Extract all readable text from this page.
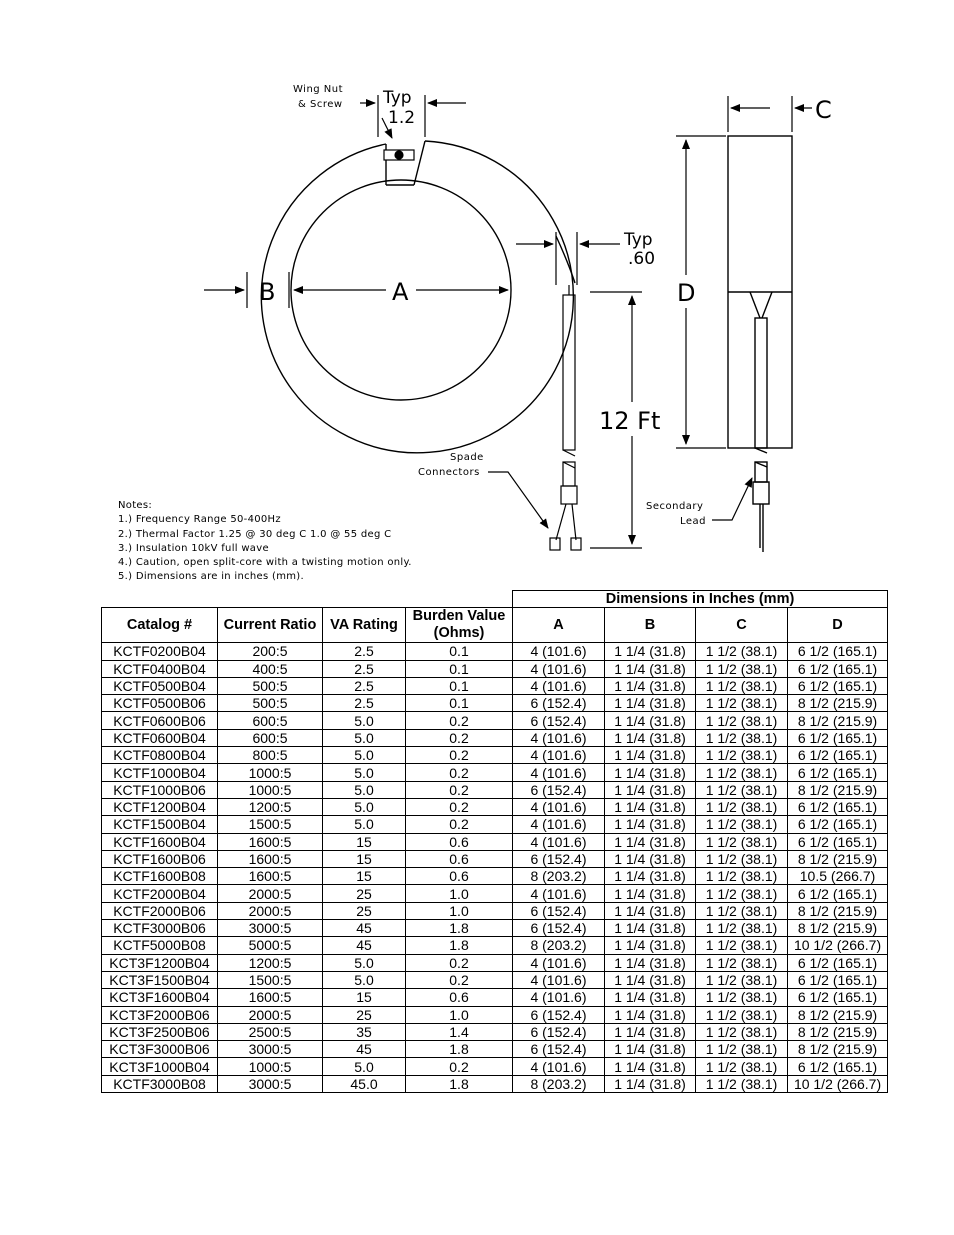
Wing Nut
& Screw Typ
1.2
B	A
Typ
.60
Spade
Connectors
12 Ft
C
D
Secondary
Lead
Notes:
1.) Frequency Range 50-400Hz
2.) Thermal Factor 1.25 @ 30 deg C 1.0 @ 55 deg C
3.) Insulation 10kV full wave
4.) Caution, open split-core with a twisting motion only.
5.) Dimensions are in inches (mm).
				Dimensions in Inches (mm)			
Catalog #	Current Ratio	VA Rating	Burden Value
(Ohms)	A	B	C	D
KCTF0200B04	200:5	2.5	0.1	4 (101.6)	1 1/4 (31.8)	1 1/2 (38.1)	6 1/2 (165.1)
KCTF0400B04	400:5	2.5	0.1	4 (101.6)	1 1/4 (31.8)	1 1/2 (38.1)	6 1/2 (165.1)
KCTF0500B04	500:5	2.5	0.1	4 (101.6)	1 1/4 (31.8)	1 1/2 (38.1)	6 1/2 (165.1)
KCTF0500B06	500:5	2.5	0.1	6 (152.4)	1 1/4 (31.8)	1 1/2 (38.1)	8 1/2 (215.9)
KCTF0600B06	600:5	5.0	0.2	6 (152.4)	1 1/4 (31.8)	1 1/2 (38.1)	8 1/2 (215.9)
KCTF0600B04	600:5	5.0	0.2	4 (101.6)	1 1/4 (31.8)	1 1/2 (38.1)	6 1/2 (165.1)
KCTF0800B04	800:5	5.0	0.2	4 (101.6)	1 1/4 (31.8)	1 1/2 (38.1)	6 1/2 (165.1)
KCTF1000B04	1000:5	5.0	0.2	4 (101.6)	1 1/4 (31.8)	1 1/2 (38.1)	6 1/2 (165.1)
KCTF1000B06	1000:5	5.0	0.2	6 (152.4)	1 1/4 (31.8)	1 1/2 (38.1)	8 1/2 (215.9)
KCTF1200B04	1200:5	5.0	0.2	4 (101.6)	1 1/4 (31.8)	1 1/2 (38.1)	6 1/2 (165.1)
KCTF1500B04	1500:5	5.0	0.2	4 (101.6)	1 1/4 (31.8)	1 1/2 (38.1)	6 1/2 (165.1)
KCTF1600B04	1600:5	15	0.6	4 (101.6)	1 1/4 (31.8)	1 1/2 (38.1)	6 1/2 (165.1)
KCTF1600B06	1600:5	15	0.6	6 (152.4)	1 1/4 (31.8)	1 1/2 (38.1)	8 1/2 (215.9)
KCTF1600B08	1600:5	15	0.6	8 (203.2)	1 1/4 (31.8)	1 1/2 (38.1)	10.5 (266.7)
KCTF2000B04	2000:5	25	1.0	4 (101.6)	1 1/4 (31.8)	1 1/2 (38.1)	6 1/2 (165.1)
KCTF2000B06	2000:5	25	1.0	6 (152.4)	1 1/4 (31.8)	1 1/2 (38.1)	8 1/2 (215.9)
KCTF3000B06	3000:5	45	1.8	6 (152.4)	1 1/4 (31.8)	1 1/2 (38.1)	8 1/2 (215.9)
KCTF5000B08	5000:5	45	1.8	8 (203.2)	1 1/4 (31.8)	1 1/2 (38.1)	10 1/2 (266.7)
KCT3F1200B04	1200:5	5.0	0.2	4 (101.6)	1 1/4 (31.8)	1 1/2 (38.1)	6 1/2 (165.1)
KCT3F1500B04	1500:5	5.0	0.2	4 (101.6)	1 1/4 (31.8)	1 1/2 (38.1)	6 1/2 (165.1)
KCT3F1600B04	1600:5	15	0.6	4 (101.6)	1 1/4 (31.8)	1 1/2 (38.1)	6 1/2 (165.1)
KCT3F2000B06	2000:5	25	1.0	6 (152.4)	1 1/4 (31.8)	1 1/2 (38.1)	8 1/2 (215.9)
KCT3F2500B06	2500:5	35	1.4	6 (152.4)	1 1/4 (31.8)	1 1/2 (38.1)	8 1/2 (215.9)
KCT3F3000B06	3000:5	45	1.8	6 (152.4)	1 1/4 (31.8)	1 1/2 (38.1)	8 1/2 (215.9)
KCT3F1000B04	1000:5	5.0	0.2	4 (101.6)	1 1/4 (31.8)	1 1/2 (38.1)	6 1/2 (165.1)
KCTF3000B08	3000:5	45.0	1.8	8 (203.2)	1 1/4 (31.8)	1 1/2 (38.1)	10 1/2 (266.7)
